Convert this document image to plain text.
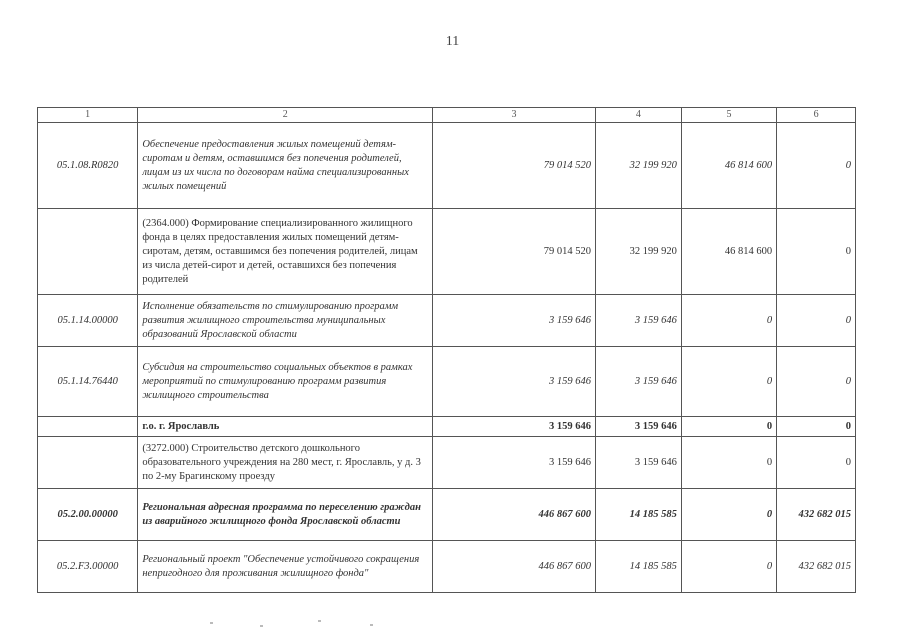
11
1	2	3	4	5	6
05.1.08.R0820	Обеспечение предоставления жилых помещений детям-сиротам и детям, оставшимся без попечения родителей, лицам из их числа по договорам найма специализированных жилых помещений	79 014 520	32 199 920	46 814 600	0
	(2364.000) Формирование специализированного жилищного фонда в целях предоставления жилых помещений детям-сиротам, детям, оставшимся без попечения родителей, лицам из числа детей-сирот и детей, оставшихся без попечения родителей	79 014 520	32 199 920	46 814 600	0
05.1.14.00000	Исполнение обязательств по стимулированию программ развития жилищного строительства муниципальных образований Ярославской области	3 159 646	3 159 646	0	0
05.1.14.76440	Субсидия на строительство социальных объектов в рамках мероприятий по стимулированию программ развития жилищного строительства	3 159 646	3 159 646	0	0
	г.о. г. Ярославль	3 159 646	3 159 646	0	0
	(3272.000) Строительство детского дошкольного образовательного учреждения на 280 мест, г. Ярославль, у д. 3 по 2-му Брагинскому проезду	3 159 646	3 159 646	0	0
05.2.00.00000	Региональная адресная программа по переселению граждан из аварийного жилищного фонда Ярославской области	446 867 600	14 185 585	0	432 682 015
05.2.F3.00000	Региональный проект "Обеспечение устойчивого сокращения непригодного для проживания жилищного фонда"	446 867 600	14 185 585	0	432 682 015
